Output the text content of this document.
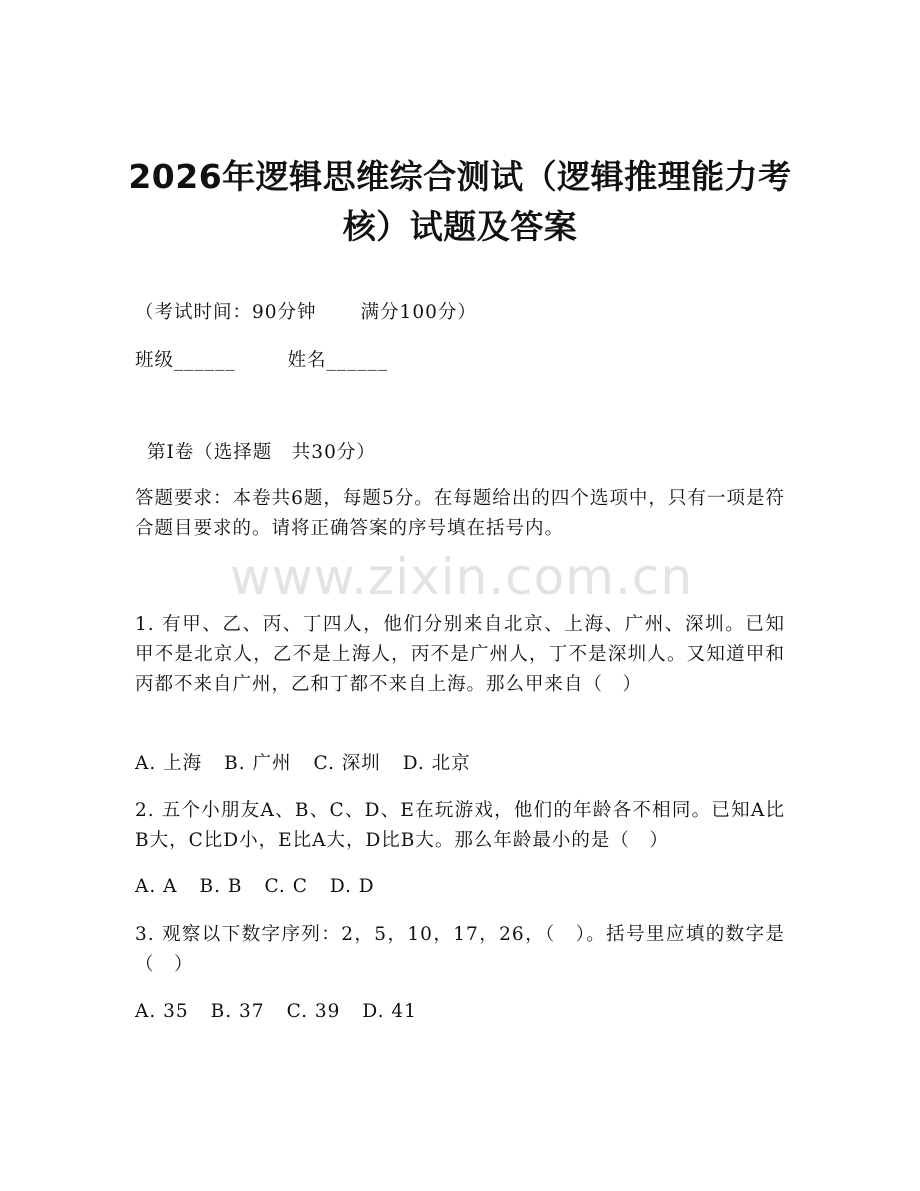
2026年逻辑思维综合测试（逻辑推理能力考
核）试题及答案
（考试时间：90分钟 满分100分）
班级______	姓名______
第Ⅰ卷（选择题　共30分）
答题要求：本卷共6题，每题5分。在每题给出的四个选项中，只有一项是符合题目要求的。请将正确答案的序号填在括号内。
www.zixin.com.cn
1. 有甲、乙、丙、丁四人，他们分别来自北京、上海、广州、深圳。已知甲不是北京人，乙不是上海人，丙不是广州人，丁不是深圳人。又知道甲和丙都不来自广州，乙和丁都不来自上海。那么甲来自（　）
A. 上海 B. 广州 C. 深圳 D. 北京
2. 五个小朋友A、B、C、D、E在玩游戏，他们的年龄各不相同。已知A比B大，C比D小，E比A大，D比B大。那么年龄最小的是（　）
A. A B. B C. C D. D
3. 观察以下数字序列：2，5，10，17，26，（　）。括号里应填的数字是（　）
A. 35 B. 37 C. 39 D. 41
